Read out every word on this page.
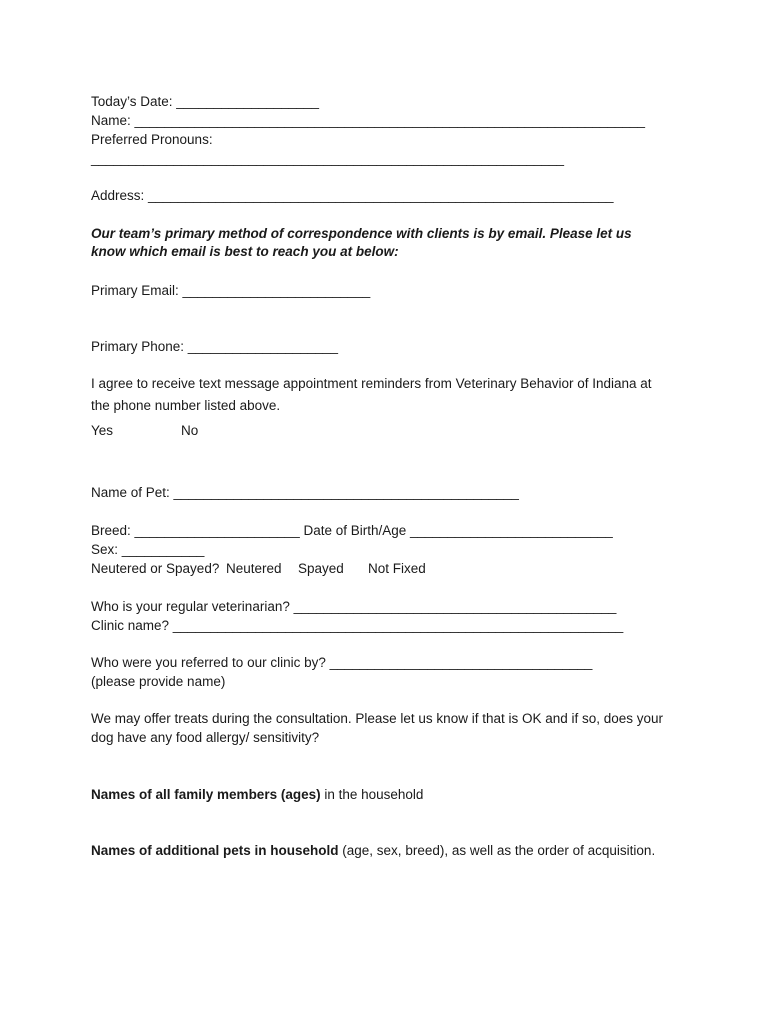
Today’s Date: ___________________
Name: ____________________________________________________________________
Preferred Pronouns:
_______________________________________________________________
Address: ______________________________________________________________
Our team’s primary method of correspondence with clients is by email. Please let us
know which email is best to reach you at below:
Primary Email: _________________________
Primary Phone: ____________________
I agree to receive text message appointment reminders from Veterinary Behavior of Indiana at
the phone number listed above.
Yes	No
Name of Pet: ______________________________________________
Breed: ______________________ Date of Birth/Age ___________________________
Sex: ___________
Neutered or Spayed? Neutered Spayed Not Fixed
Who is your regular veterinarian? ___________________________________________
Clinic name? ____________________________________________________________
Who were you referred to our clinic by? ___________________________________
(please provide name)
We may offer treats during the consultation. Please let us know if that is OK and if so, does your
dog have any food allergy/ sensitivity?
Names of all family members (ages) in the household
Names of additional pets in household (age, sex, breed), as well as the order of acquisition.
